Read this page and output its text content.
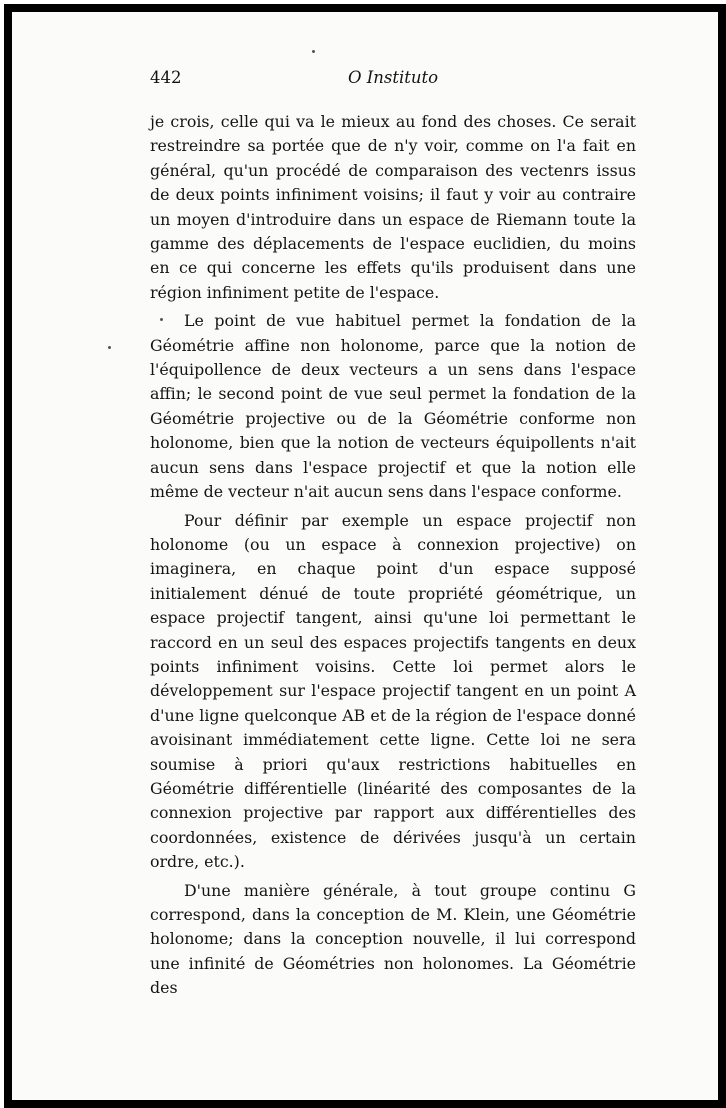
442	O Instituto

je crois, celle qui va le mieux au fond des choses. Ce serait restreindre sa portée que de n'y voir, comme on l'a fait en général, qu'un procédé de comparaison des vectenrs issus de deux points infiniment voisins; il faut y voir au contraire un moyen d'introduire dans un espace de Riemann toute la gamme des déplacements de l'espace euclidien, du moins en ce qui concerne les effets qu'ils produisent dans une région infiniment petite de l'espace.

Le point de vue habituel permet la fondation de la Géométrie affine non holonome, parce que la notion de l'équipollence de deux vecteurs a un sens dans l'espace affin; le second point de vue seul permet la fondation de la Géométrie projective ou de la Géométrie conforme non holonome, bien que la notion de vecteurs équipollents n'ait aucun sens dans l'espace projectif et que la notion elle même de vecteur n'ait aucun sens dans l'espace conforme.

Pour définir par exemple un espace projectif non holonome (ou un espace à connexion projective) on imaginera, en chaque point d'un espace supposé initialement dénué de toute propriété géométrique, un espace projectif tangent, ainsi qu'une loi permettant le raccord en un seul des espaces projectifs tangents en deux points infiniment voisins. Cette loi permet alors le développement sur l'espace projectif tangent en un point A d'une ligne quelconque AB et de la région de l'espace donné avoisinant immédiatement cette ligne. Cette loi ne sera soumise à priori qu'aux restrictions habituelles en Géométrie différentielle (linéarité des composantes de la connexion projective par rapport aux différentielles des coordonnées, existence de dérivées jusqu'à un certain ordre, etc.).

D'une manière générale, à tout groupe continu G correspond, dans la conception de M. Klein, une Géométrie holonome; dans la conception nouvelle, il lui correspond une infinité de Géométries non holonomes. La Géométrie des
